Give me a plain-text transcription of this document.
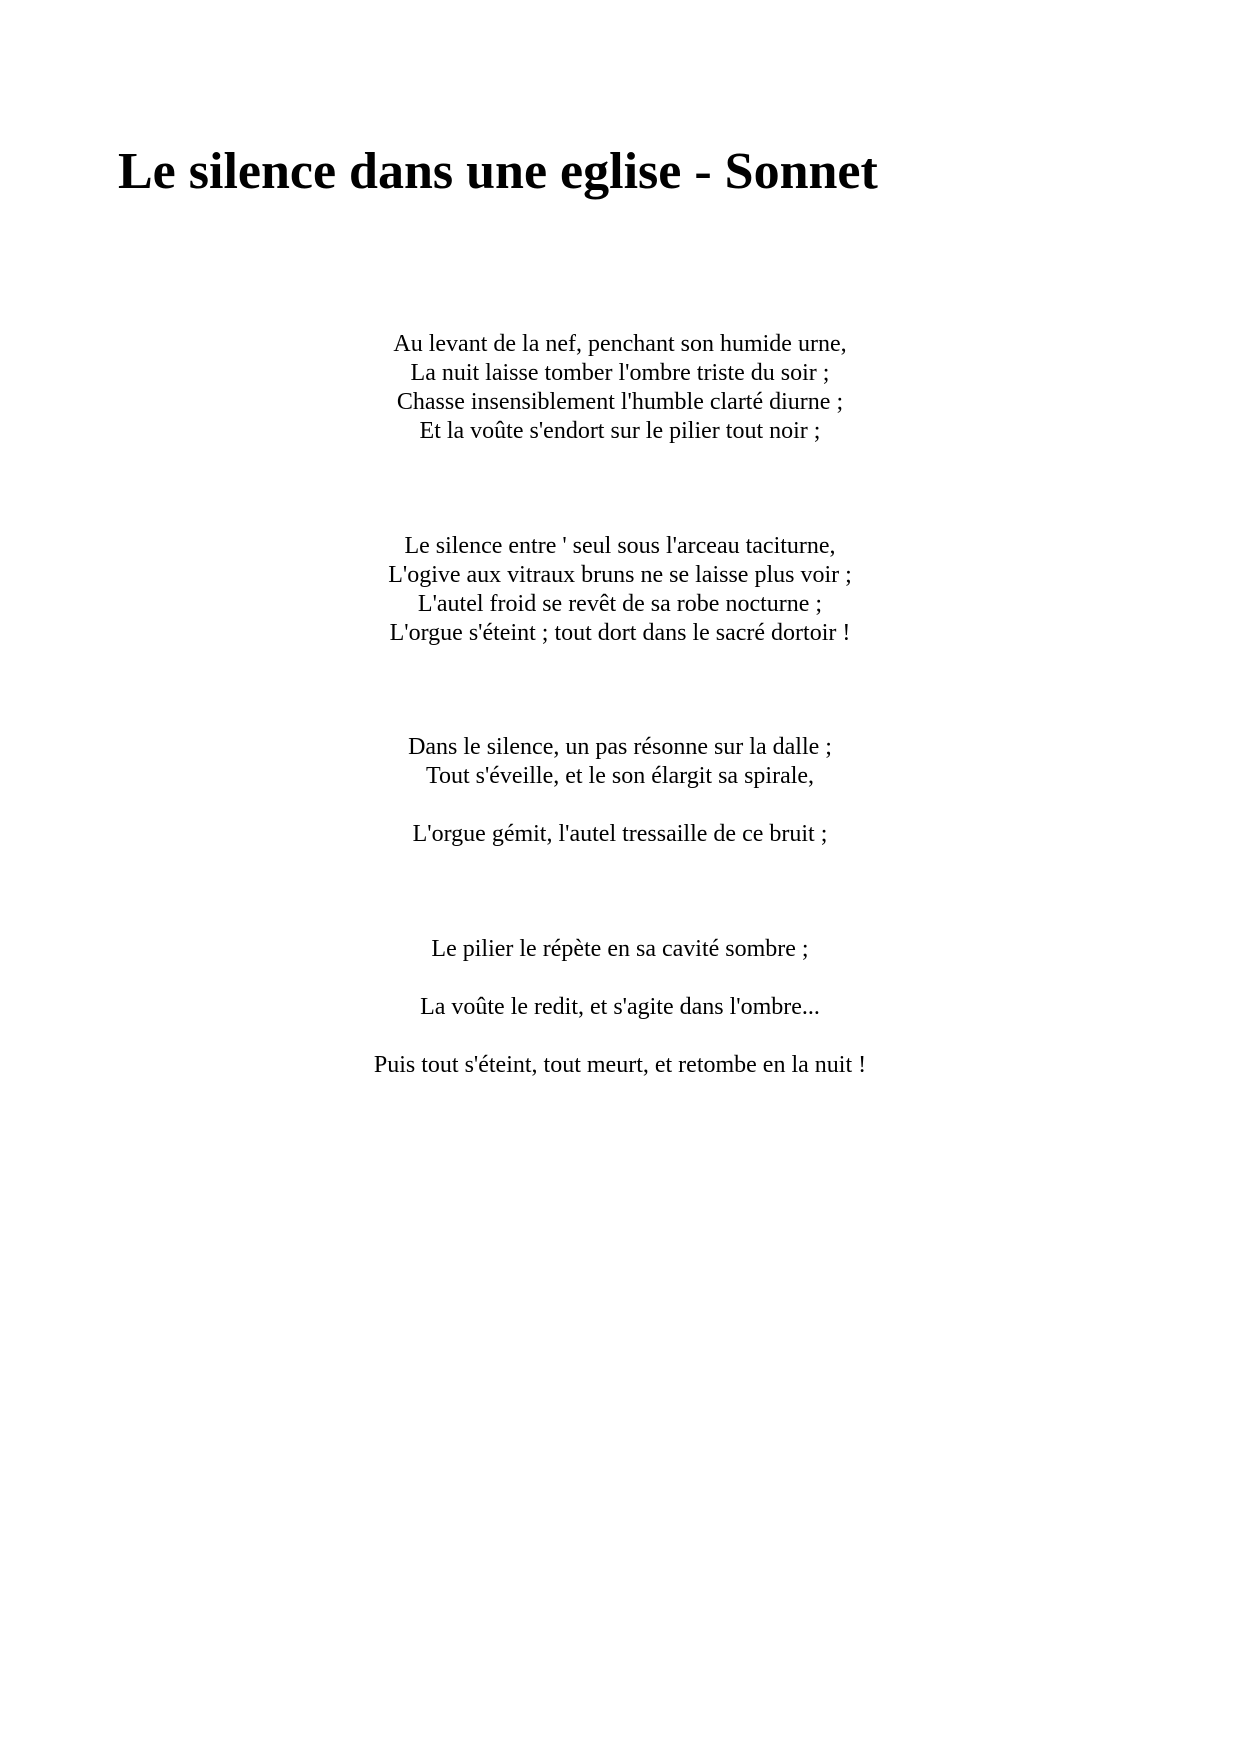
Le silence dans une eglise - Sonnet
Au levant de la nef, penchant son humide urne,
La nuit laisse tomber l'ombre triste du soir ;
Chasse insensiblement l'humble clarté diurne ;
Et la voûte s'endort sur le pilier tout noir ;
Le silence entre ' seul sous l'arceau taciturne,
L'ogive aux vitraux bruns ne se laisse plus voir ;
L'autel froid se revêt de sa robe nocturne ;
L'orgue s'éteint ; tout dort dans le sacré dortoir !
Dans le silence, un pas résonne sur la dalle ;
Tout s'éveille, et le son élargit sa spirale,
L'orgue gémit, l'autel tressaille de ce bruit ;
Le pilier le répète en sa cavité sombre ;
La voûte le redit, et s'agite dans l'ombre...
Puis tout s'éteint, tout meurt, et retombe en la nuit !
